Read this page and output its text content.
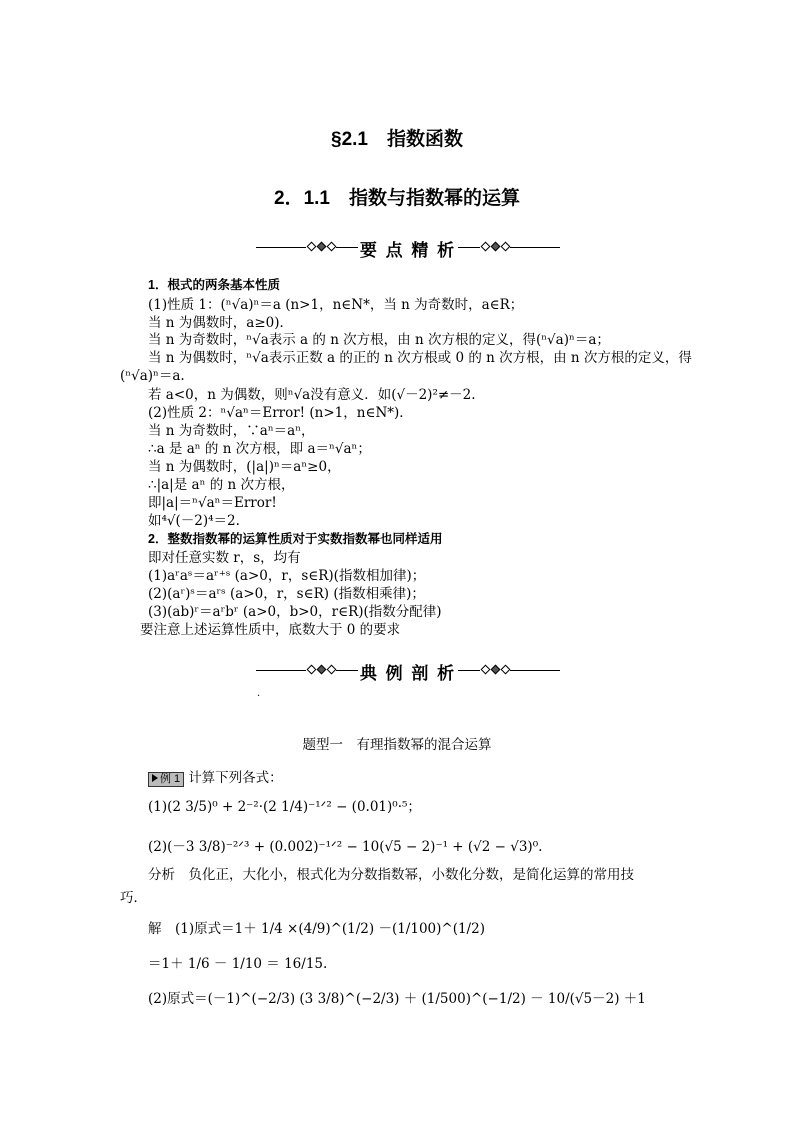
§2.1　指数函数
2．1.1　指数与指数幂的运算
要 点 精 析
1．根式的两条基本性质
(1)性质 1：(ⁿ√a)ⁿ＝a (n>1，n∈N*，当 n 为奇数时，a∈R；
当 n 为偶数时，a≥0)．
当 n 为奇数时，ⁿ√a表示 a 的 n 次方根，由 n 次方根的定义，得(ⁿ√a)ⁿ＝a；
当 n 为偶数时，ⁿ√a表示正数 a 的正的 n 次方根或 0 的 n 次方根，由 n 次方根的定义，得
(ⁿ√a)ⁿ＝a.
若 a<0，n 为偶数，则ⁿ√a没有意义．如(√－2)²≠－2.
(2)性质 2：ⁿ√aⁿ＝Error! (n>1，n∈N*)．
当 n 为奇数时，∵aⁿ＝aⁿ，
∴a 是 aⁿ 的 n 次方根，即 a＝ⁿ√aⁿ；
当 n 为偶数时，(|a|)ⁿ＝aⁿ≥0，
∴|a|是 aⁿ 的 n 次方根，
即|a|＝ⁿ√aⁿ＝Error!
如⁴√(－2)⁴＝2.
2．整数指数幂的运算性质对于实数指数幂也同样适用
即对任意实数 r，s，均有
(1)aʳaˢ＝aʳ⁺ˢ (a>0，r，s∈R)(指数相加律)；
(2)(aʳ)ˢ＝aʳˢ (a>0，r，s∈R) (指数相乘律)；
(3)(ab)ʳ＝aʳbʳ (a>0，b>0，r∈R)(指数分配律)
要注意上述运算性质中，底数大于 0 的要求
典 例 剖 析
.
题型一　有理指数幂的混合运算
例 1 计算下列各式：
(1)(2 3/5)⁰ + 2⁻²·(2 1/4)⁻¹ᐟ² − (0.01)⁰·⁵；
(2)(－3 3/8)⁻²ᐟ³ + (0.002)⁻¹ᐟ² − 10(√5 − 2)⁻¹ + (√2 − √3)⁰.
分析　负化正，大化小，根式化为分数指数幂，小数化分数，是简化运算的常用技
巧．
解　(1)原式＝1＋ 1/4 ×(4/9)^(1/2) －(1/100)^(1/2)
＝1＋ 1/6 － 1/10 ＝ 16/15.
(2)原式＝(－1)^(−2/3) (3 3/8)^(−2/3) ＋ (1/500)^(−1/2) － 10/(√5－2) ＋1
